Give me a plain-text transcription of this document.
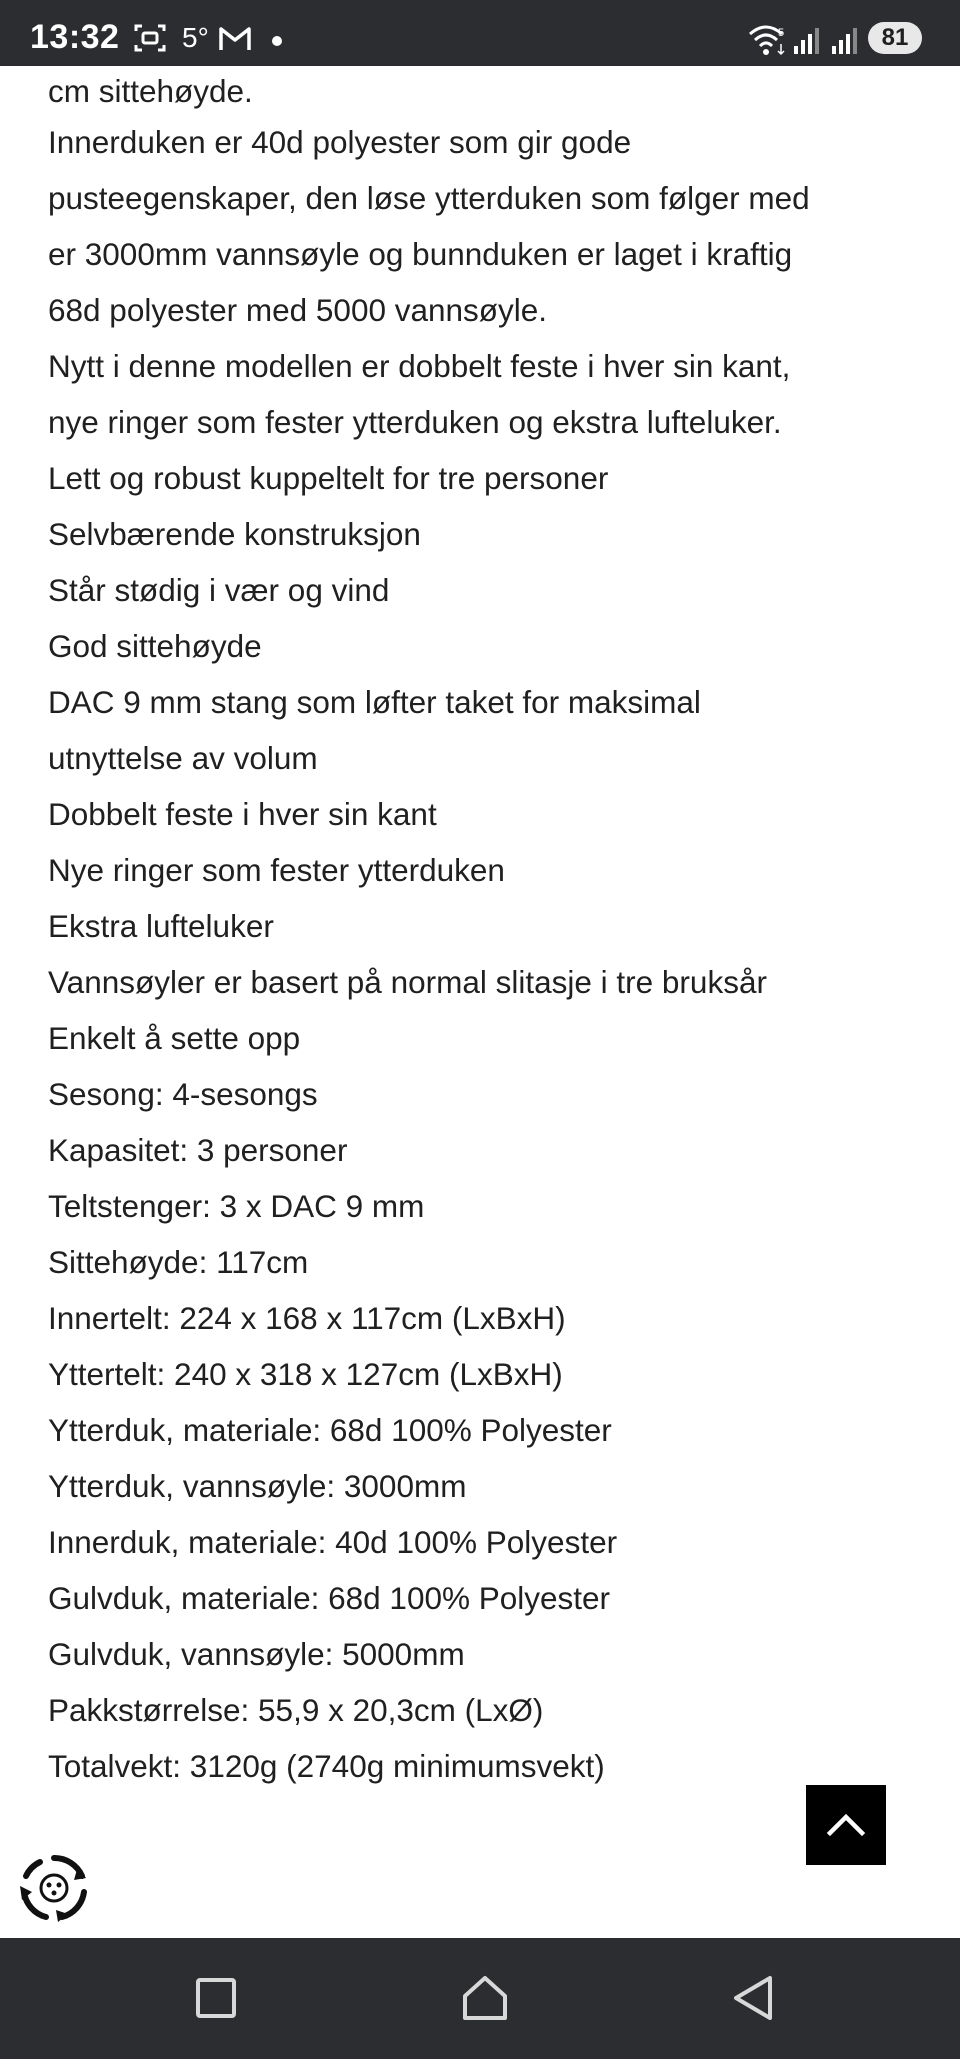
13:32 5°	5	81
cm sittehøyde.
Innerduken er 40d polyester som gir gode
pusteegenskaper, den løse ytterduken som følger med
er 3000mm vannsøyle og bunnduken er laget i kraftig
68d polyester med 5000 vannsøyle.
Nytt i denne modellen er dobbelt feste i hver sin kant,
nye ringer som fester ytterduken og ekstra lufteluker.
Lett og robust kuppeltelt for tre personer
Selvbærende konstruksjon
Står stødig i vær og vind
God sittehøyde
DAC 9 mm stang som løfter taket for maksimal
utnyttelse av volum
Dobbelt feste i hver sin kant
Nye ringer som fester ytterduken
Ekstra lufteluker
Vannsøyler er basert på normal slitasje i tre bruksår
Enkelt å sette opp
Sesong: 4-sesongs
Kapasitet: 3 personer
Teltstenger: 3 x DAC 9 mm
Sittehøyde: 117cm
Innertelt: 224 x 168 x 117cm (LxBxH)
Yttertelt: 240 x 318 x 127cm (LxBxH)
Ytterduk, materiale: 68d 100% Polyester
Ytterduk, vannsøyle: 3000mm
Innerduk, materiale: 40d 100% Polyester
Gulvduk, materiale: 68d 100% Polyester
Gulvduk, vannsøyle: 5000mm
Pakkstørrelse: 55,9 x 20,3cm (LxØ)
Totalvekt: 3120g (2740g minimumsvekt)
